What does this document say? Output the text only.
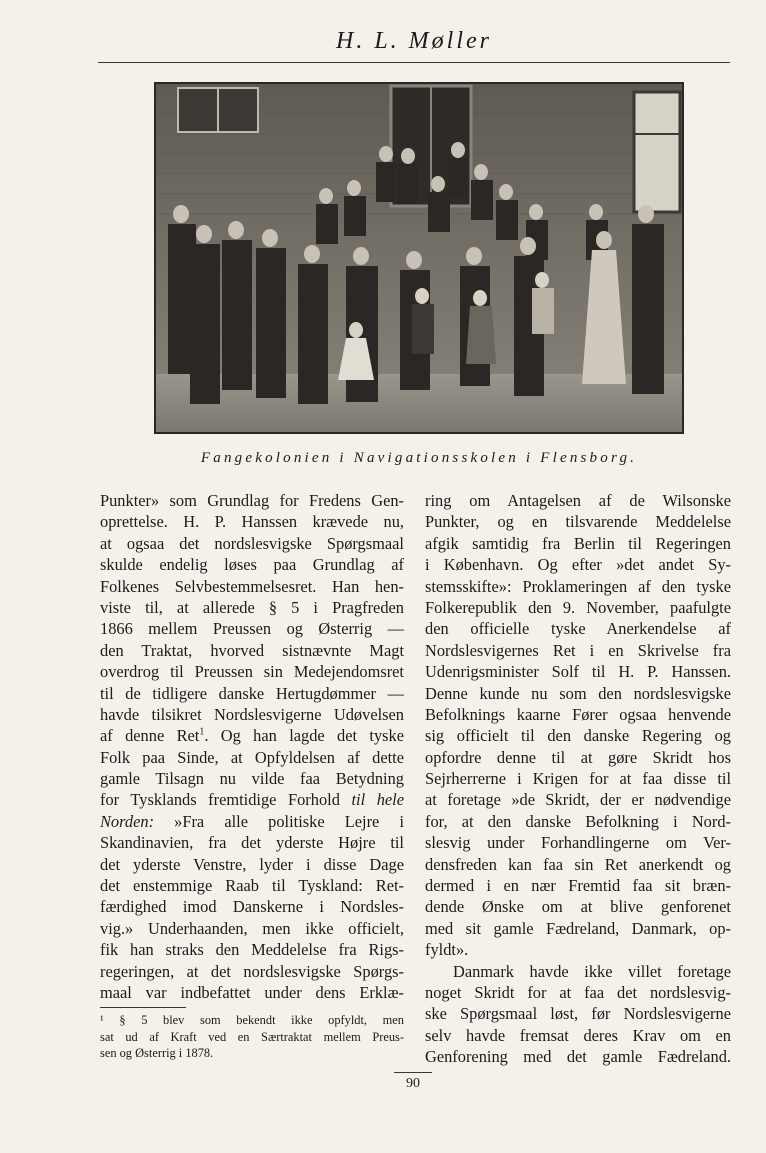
H. L. Møller
Fangekolonien i Navigationsskolen i Flensborg.
Punkter» som Grundlag for Fredens Gen-
oprettelse. H. P. Hanssen krævede nu,
at ogsaa det nordslesvigske Spørgsmaal
skulde endelig løses paa Grundlag af
Folkenes Selvbestemmelsesret. Han hen-
viste til, at allerede § 5 i Pragfreden
1866 mellem Preussen og Østerrig —
den Traktat, hvorved sistnævnte Magt
overdrog til Preussen sin Medejendomsret
til de tidligere danske Hertugdømmer —
havde tilsikret Nordslesvigerne Udøvelsen
af denne Ret$^1$. Og han lagde det tyske
Folk paa Sinde, at Opfyldelsen af dette
gamle Tilsagn nu vilde faa Betydning
for Tysklands fremtidige Forhold til hele
Norden: »Fra alle politiske Lejre i
Skandinavien, fra det yderste Højre til
det yderste Venstre, lyder i disse Dage
det enstemmige Raab til Tyskland: Ret-
færdighed imod Danskerne i Nordsles-
vig.» Underhaanden, men ikke officielt,
fik han straks den Meddelelse fra Rigs-
regeringen, at det nordslesvigske Spørgs-
maal var indbefattet under dens Erklæ-
ring om Antagelsen af de Wilsonske
Punkter, og en tilsvarende Meddelelse
afgik samtidig fra Berlin til Regeringen
i København. Og efter »det andet Sy-
stemsskifte»: Proklameringen af den tyske
Folkerepublik den 9. November, paafulgte
den officielle tyske Anerkendelse af
Nordslesvigernes Ret i en Skrivelse fra
Udenrigsminister Solf til H. P. Hanssen.
Denne kunde nu som den nordslesvigske
Befolknings kaarne Fører ogsaa henvende
sig officielt til den danske Regering og
opfordre denne til at gøre Skridt hos
Sejrherrerne i Krigen for at faa disse til
at foretage »de Skridt, der er nødvendige
for, at den danske Befolkning i Nord-
slesvig under Forhandlingerne om Ver-
densfreden kan faa sin Ret anerkendt og
dermed i en nær Fremtid faa sit bræn-
dende Ønske om at blive genforenet
med sit gamle Fædreland, Danmark, op-
fyldt».
Danmark havde ikke villet foretage
noget Skridt for at faa det nordslesvig-
ske Spørgsmaal løst, før Nordslesvigerne
selv havde fremsat deres Krav om en
Genforening med det gamle Fædreland.
¹ § 5 blev som bekendt ikke opfyldt, men
sat ud af Kraft ved en Særtraktat mellem Preus-
sen og Østerrig i 1878.
90
